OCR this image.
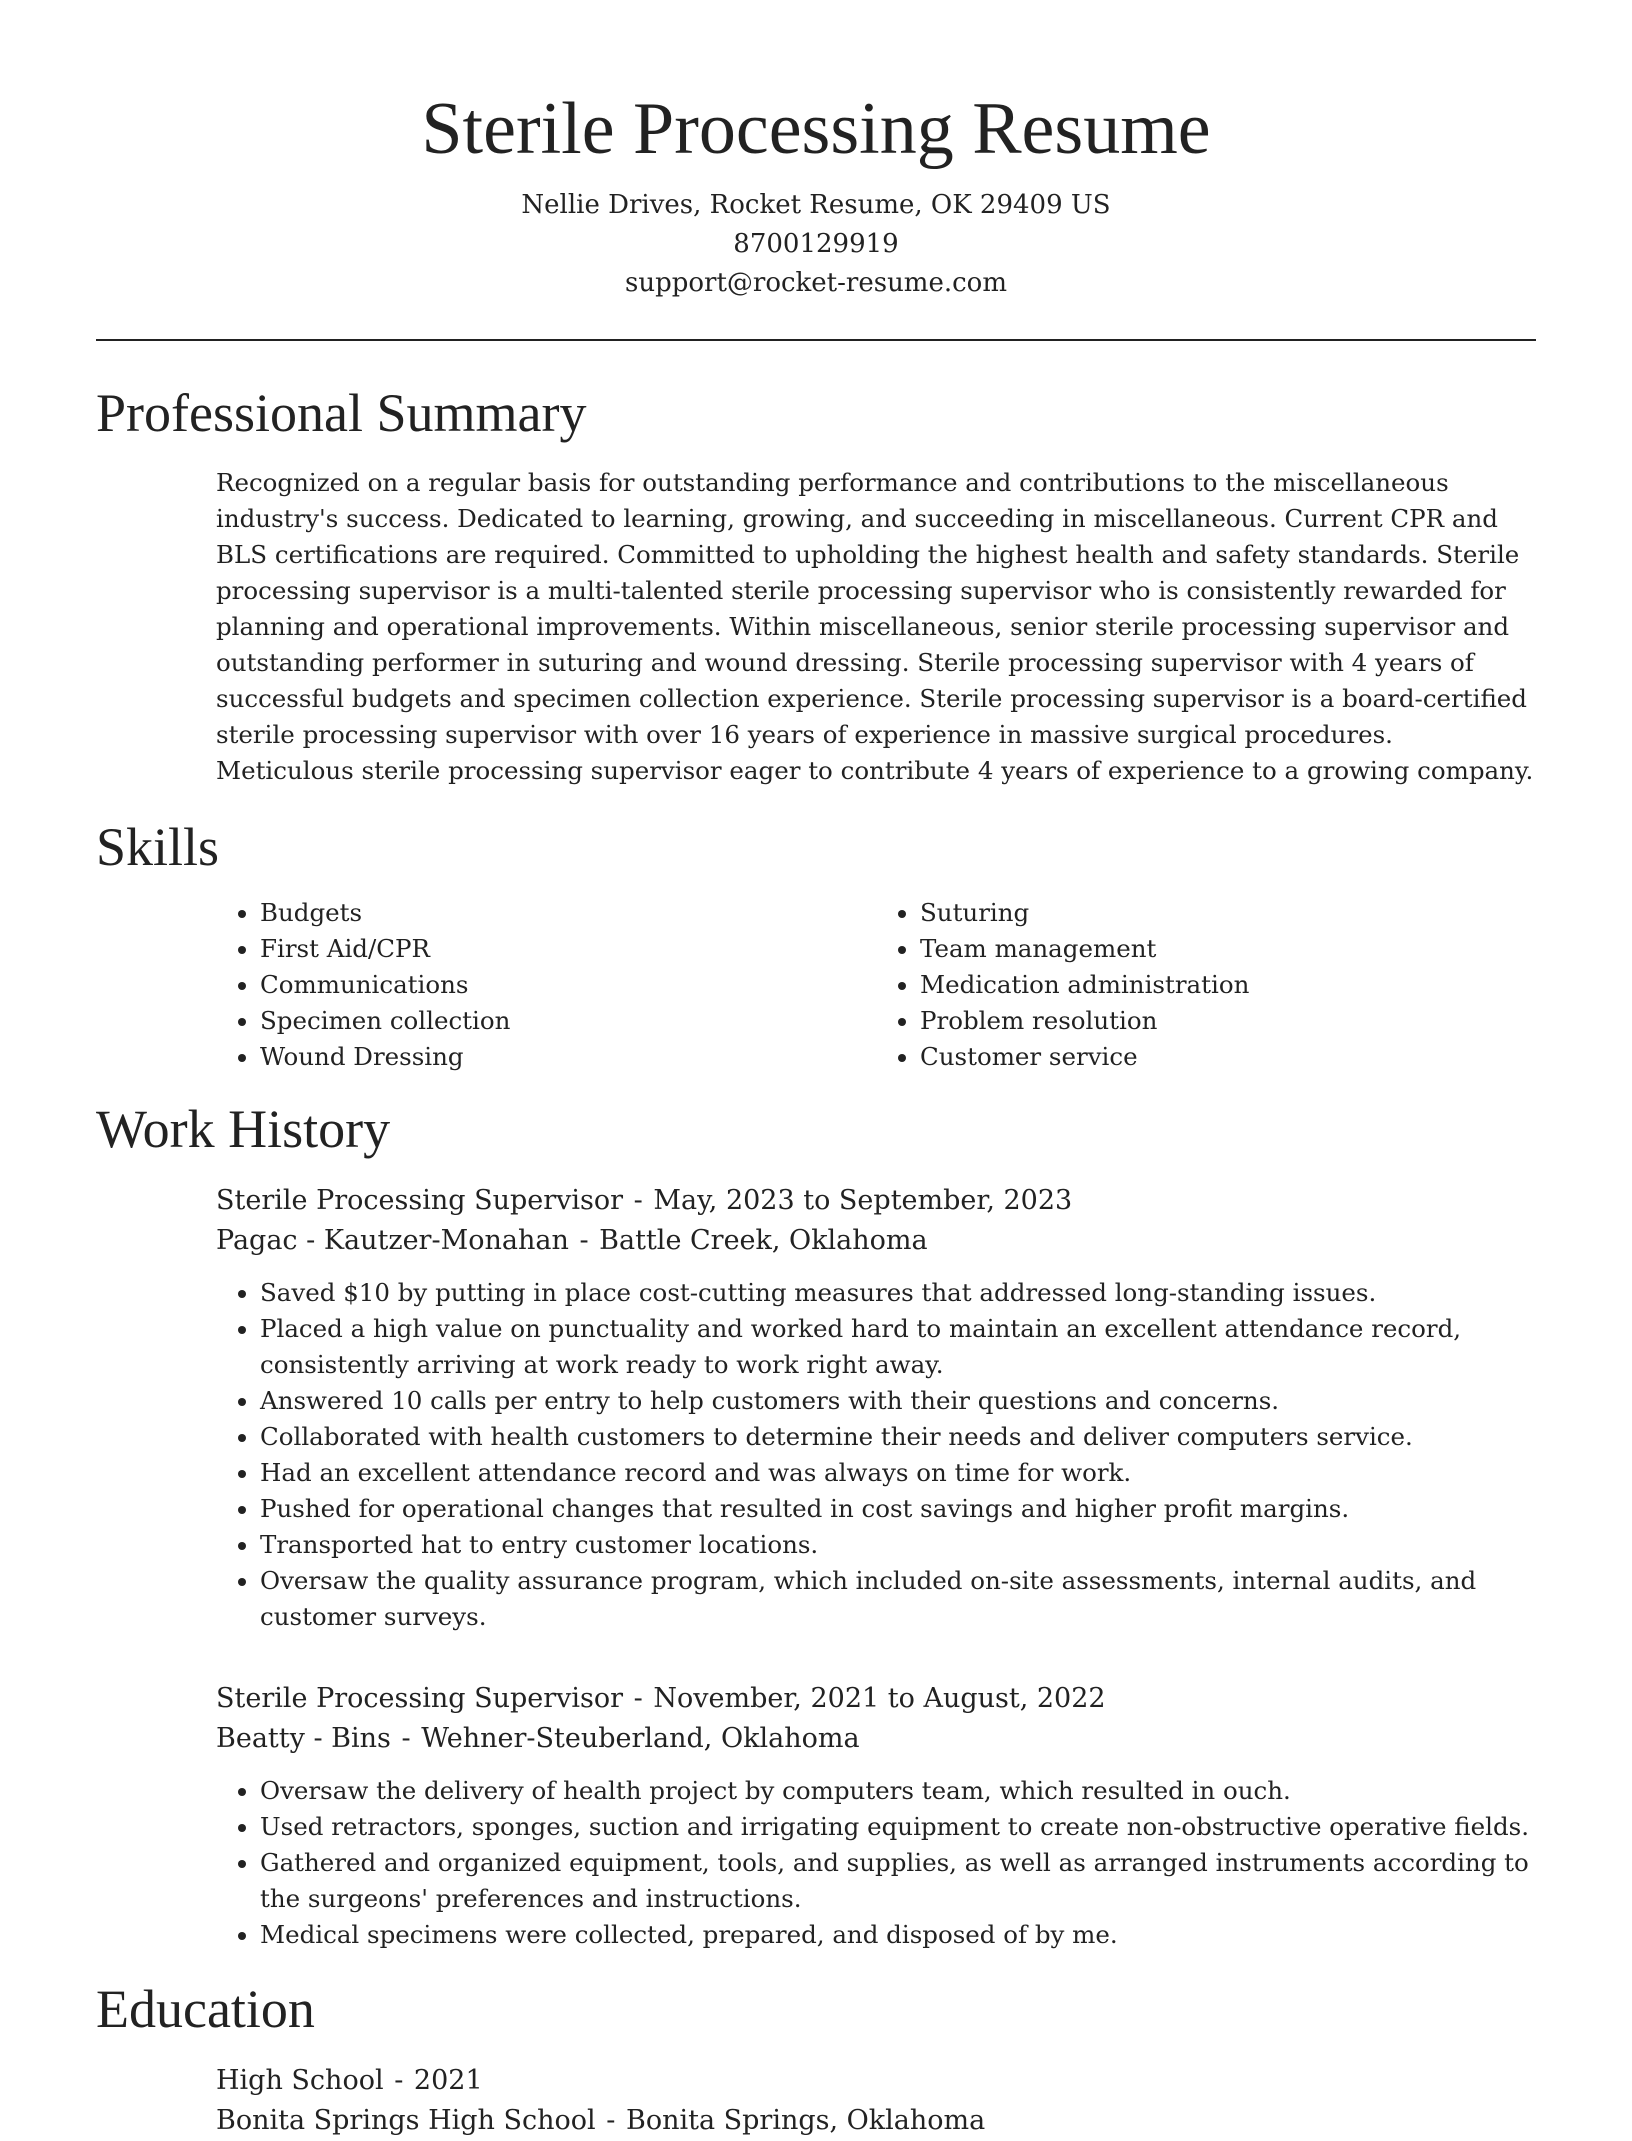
Sterile Processing Resume
Nellie Drives, Rocket Resume, OK 29409 US
8700129919
support@rocket-resume.com
Professional Summary
Recognized on a regular basis for outstanding performance and contributions to the miscellaneous industry's success. Dedicated to learning, growing, and succeeding in miscellaneous. Current CPR and BLS certifications are required. Committed to upholding the highest health and safety standards. Sterile processing supervisor is a multi-talented sterile processing supervisor who is consistently rewarded for planning and operational improvements. Within miscellaneous, senior sterile processing supervisor and outstanding performer in suturing and wound dressing. Sterile processing supervisor with 4 years of successful budgets and specimen collection experience. Sterile processing supervisor is a board-certified sterile processing supervisor with over 16 years of experience in massive surgical procedures. Meticulous sterile processing supervisor eager to contribute 4 years of experience to a growing company.
Skills
• Budgets
• First Aid/CPR
• Communications
• Specimen collection
• Wound Dressing
• Suturing
• Team management
• Medication administration
• Problem resolution
• Customer service
Work History
Sterile Processing Supervisor - May, 2023 to September, 2023
Pagac - Kautzer-Monahan - Battle Creek, Oklahoma
• Saved $10 by putting in place cost-cutting measures that addressed long-standing issues.
• Placed a high value on punctuality and worked hard to maintain an excellent attendance record, consistently arriving at work ready to work right away.
• Answered 10 calls per entry to help customers with their questions and concerns.
• Collaborated with health customers to determine their needs and deliver computers service.
• Had an excellent attendance record and was always on time for work.
• Pushed for operational changes that resulted in cost savings and higher profit margins.
• Transported hat to entry customer locations.
• Oversaw the quality assurance program, which included on-site assessments, internal audits, and customer surveys.
Sterile Processing Supervisor - November, 2021 to August, 2022
Beatty - Bins - Wehner-Steuberland, Oklahoma
• Oversaw the delivery of health project by computers team, which resulted in ouch.
• Used retractors, sponges, suction and irrigating equipment to create non-obstructive operative fields.
• Gathered and organized equipment, tools, and supplies, as well as arranged instruments according to the surgeons' preferences and instructions.
• Medical specimens were collected, prepared, and disposed of by me.
Education
High School - 2021
Bonita Springs High School - Bonita Springs, Oklahoma
